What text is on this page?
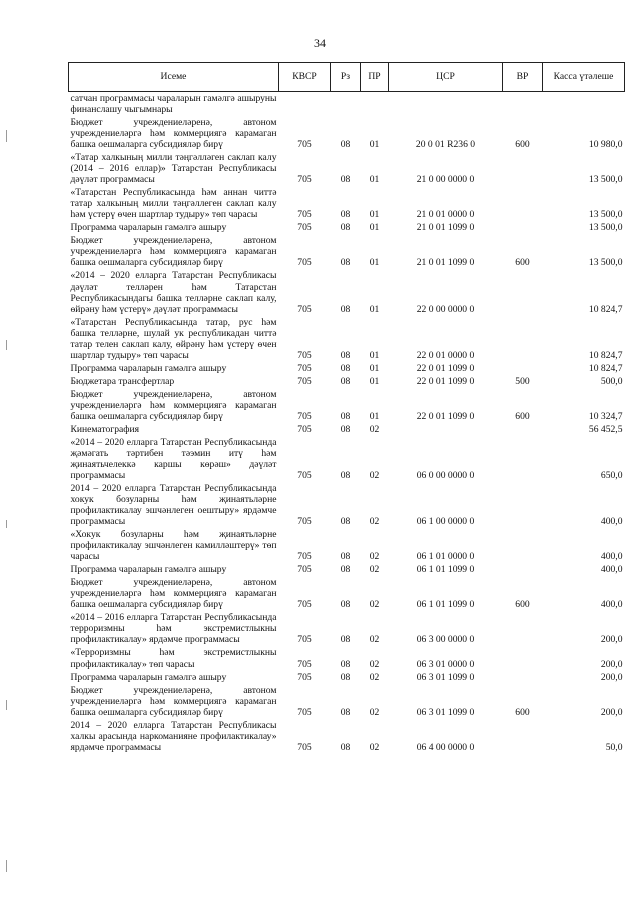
34
Исеме	КВСР	Рз	ПР	ЦСР	ВР	Касса үтәлеше
сатчан программасы чараларын гамәлгә ашыруны финанслашу чыгымнары						
Бюджет учреждениеләренә, автоном учреждениеләргә һәм коммерциягә карамаган башка оешмаларга субсидияләр бирү	705	08	01	20 0 01 R236 0	600	10 980,0
«Татар халкының милли тәңгәлләген саклап калу (2014 – 2016 еллар)» Татарстан Республикасы дәүләт программасы	705	08	01	21 0 00 0000 0		13 500,0
«Татарстан Республикасында һәм аннан читтә татар халкының милли тәңгәллеген саклап калу һәм үстерү өчен шартлар тудыру» төп чарасы	705	08	01	21 0 01 0000 0		13 500,0
Программа чараларын гамәлгә ашыру	705	08	01	21 0 01 1099 0		13 500,0
Бюджет учреждениеләренә, автоном учреждениеләргә һәм коммерциягә карамаган башка оешмаларга субсидияләр бирү	705	08	01	21 0 01 1099 0	600	13 500,0
«2014 – 2020 елларга Татарстан Республикасы дәүләт телләрен һәм Татарстан Республикасындагы башка телләрне саклап калу, өйрәну һәм үстерү» дәүләт программасы	705	08	01	22 0 00 0000 0		10 824,7
«Татарстан Республикасында татар, рус һәм башка телләрне, шулай ук республикадан читтә татар телен саклап калу, өйрәну һәм үстерү өчен шартлар тудыру» төп чарасы	705	08	01	22 0 01 0000 0		10 824,7
Программа чараларын гамәлгә ашыру	705	08	01	22 0 01 1099 0		10 824,7
Бюджетара трансфертлар	705	08	01	22 0 01 1099 0	500	500,0
Бюджет учреждениеләренә, автоном учреждениеләргә һәм коммерциягә карамаган башка оешмаларга субсидияләр бирү	705	08	01	22 0 01 1099 0	600	10 324,7
Кинематография	705	08	02			56 452,5
«2014 – 2020 елларга Татарстан Республикасында җәмәгать тәртибен тәэмин итү һәм җинаятьчелеккә каршы көрәш» дәүләт программасы	705	08	02	06 0 00 0000 0		650,0
2014 – 2020 елларга Татарстан Республикасында хокук бозуларны һәм җинаятьләрне профилактикалау эшчәнлеген оештыру» ярдәмче программасы	705	08	02	06 1 00 0000 0		400,0
«Хокук бозуларны һәм җинаятьләрне профилактикалау эшчәнлеген камилләштерү» төп чарасы	705	08	02	06 1 01 0000 0		400,0
Программа чараларын гамәлгә ашыру	705	08	02	06 1 01 1099 0		400,0
Бюджет учреждениеләренә, автоном учреждениеләргә һәм коммерциягә карамаган башка оешмаларга субсидияләр бирү	705	08	02	06 1 01 1099 0	600	400,0
«2014 – 2016 елларга Татарстан Республикасында терроризмны һәм экстремистлыкны профилактикалау» ярдәмче программасы	705	08	02	06 3 00 0000 0		200,0
«Терроризмны һәм экстремистлыкны профилактикалау» төп чарасы	705	08	02	06 3 01 0000 0		200,0
Программа чараларын гамәлгә ашыру	705	08	02	06 3 01 1099 0		200,0
Бюджет учреждениеләренә, автоном учреждениеләргә һәм коммерциягә карамаган башка оешмаларга субсидияләр бирү	705	08	02	06 3 01 1099 0	600	200,0
2014 – 2020 елларга Татарстан Республикасы халкы арасында наркоманияне профилактикалау» ярдәмче программасы	705	08	02	06 4 00 0000 0		50,0
